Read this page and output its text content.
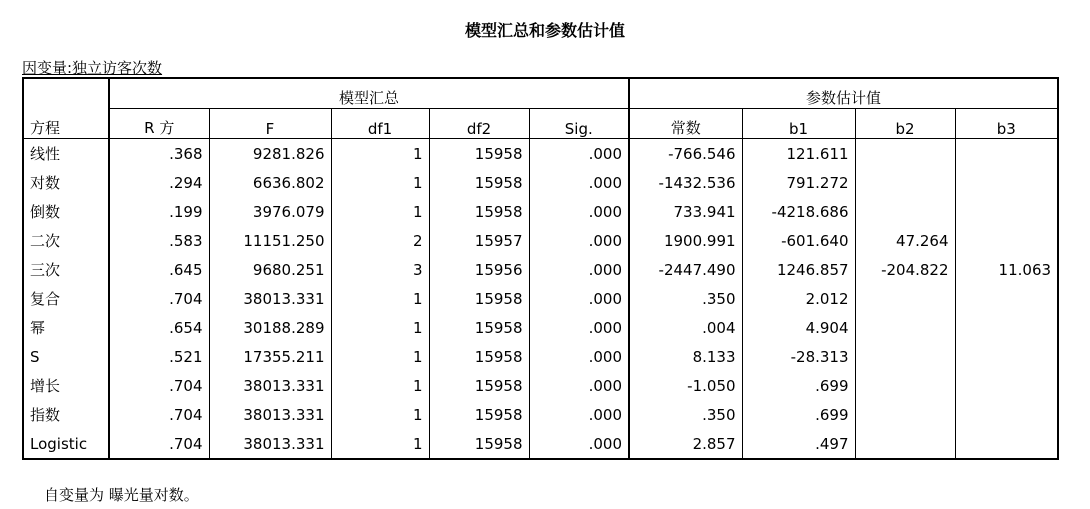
模型汇总和参数估计值
因变量:独立访客次数
	模型汇总					参数估计值			
方程	R 方	F	df1	df2	Sig.	常数	b1	b2	b3
线性	.368	9281.826	1	15958	.000	-766.546	121.611		
对数	.294	6636.802	1	15958	.000	-1432.536	791.272		
倒数	.199	3976.079	1	15958	.000	733.941	-4218.686		
二次	.583	11151.250	2	15957	.000	1900.991	-601.640	47.264	
三次	.645	9680.251	3	15956	.000	-2447.490	1246.857	-204.822	11.063
复合	.704	38013.331	1	15958	.000	.350	2.012		
幂	.654	30188.289	1	15958	.000	.004	4.904		
S	.521	17355.211	1	15958	.000	8.133	-28.313		
增长	.704	38013.331	1	15958	.000	-1.050	.699		
指数	.704	38013.331	1	15958	.000	.350	.699		
Logistic	.704	38013.331	1	15958	.000	2.857	.497		
自变量为 曝光量对数。
